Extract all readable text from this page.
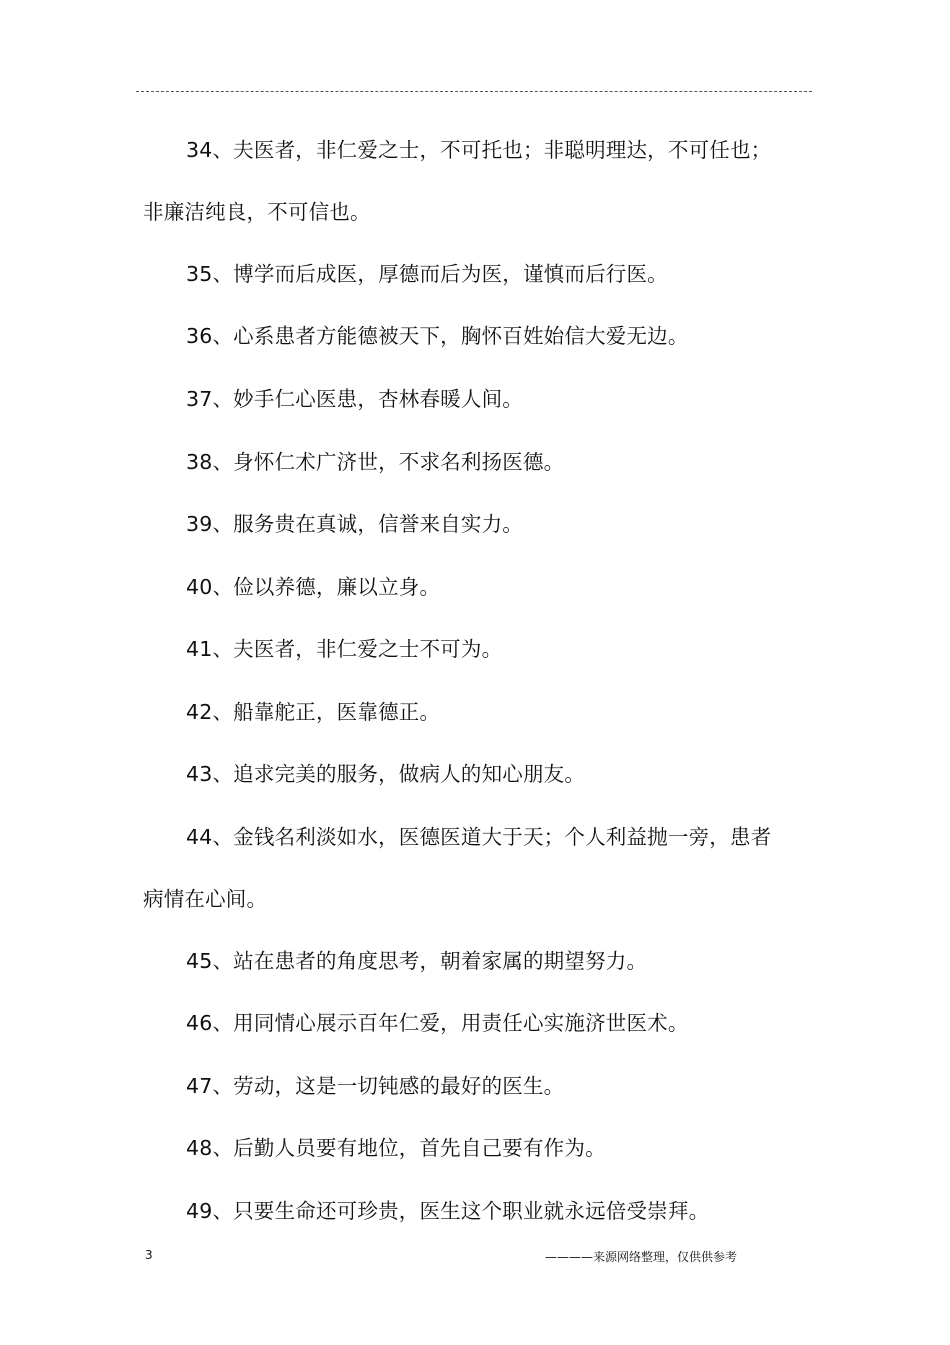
34、夫医者，非仁爱之士，不可托也；非聪明理达，不可任也；非廉洁纯良，不可信也。

35、博学而后成医，厚德而后为医，谨慎而后行医。

36、心系患者方能德被天下，胸怀百姓始信大爱无边。

37、妙手仁心医患，杏林春暖人间。

38、身怀仁术广济世，不求名利扬医德。

39、服务贵在真诚，信誉来自实力。

40、俭以养德，廉以立身。

41、夫医者，非仁爱之士不可为。

42、船靠舵正，医靠德正。

43、追求完美的服务，做病人的知心朋友。

44、金钱名利淡如水，医德医道大于天；个人利益抛一旁，患者病情在心间。

45、站在患者的角度思考，朝着家属的期望努力。

46、用同情心展示百年仁爱，用责任心实施济世医术。

47、劳动，这是一切钝感的最好的医生。

48、后勤人员要有地位，首先自己要有作为。

49、只要生命还可珍贵，医生这个职业就永远倍受崇拜。

3	————来源网络整理，仅供供参考
